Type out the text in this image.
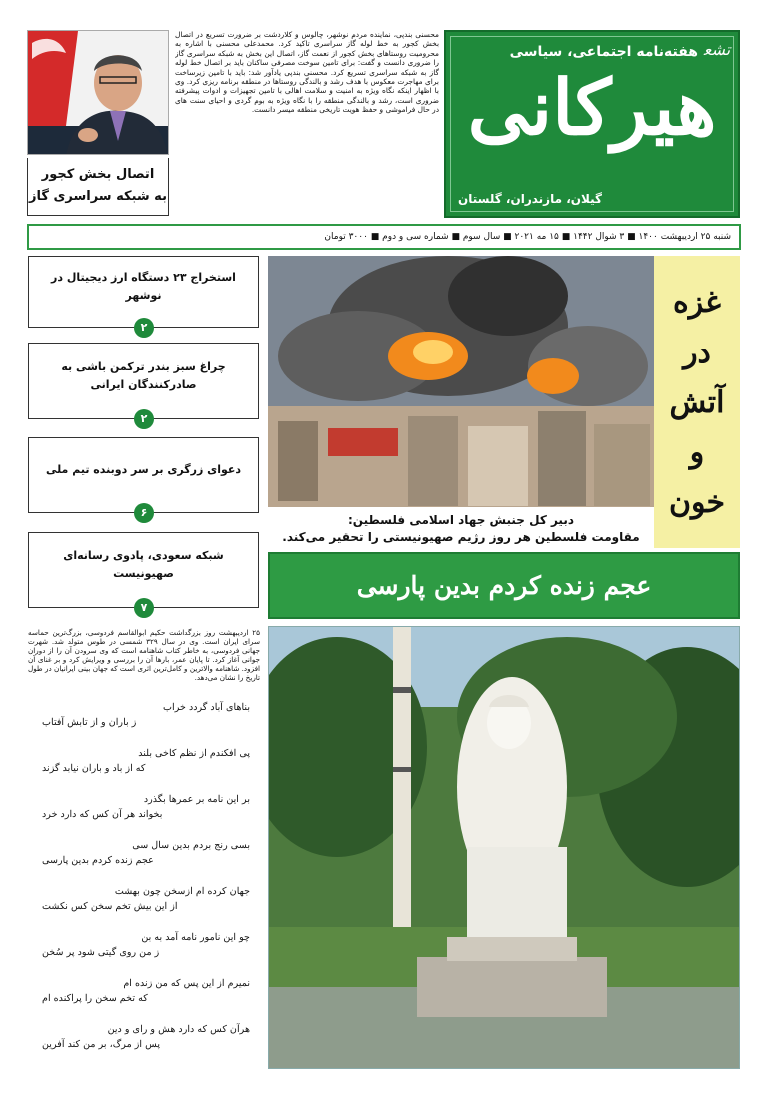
اتصال بخش کجور
به شبکه سراسری گاز
محسنی بندپی، نماینده مردم نوشهر، چالوس و کلاردشت بر ضرورت تسریع در اتصال بخش کجور به خط لوله گاز سراسری تاکید کرد. محمدعلی محسنی با اشاره به محرومیت روستاهای بخش کجور از نعمت گاز، اتصال این بخش به شبکه سراسری گاز را ضروری دانست و گفت: برای تامین سوخت مصرفی ساکنان باید بر اتصال خط لوله گاز به شبکه سراسری تسریع کرد. محسنی بندپی یادآور شد: باید با تامین زیرساخت برای مهاجرت معکوس با هدف رشد و بالندگی روستاها در منطقه برنامه ریزی کرد. وی با اظهار اینکه نگاه ویژه به امنیت و سلامت اهالی با تامین تجهیزات و ادوات پیشرفته ضروری است، رشد و بالندگی منطقه را با نگاه ویژه به بوم گردی و احیای سنت های در حال فراموشی و حفظ هویت تاریخی منطقه میسر دانست.
ﺗﺸﻌ
هفته‌نامه اجتماعی، سیاسی
هیرکانی
گیلان، مازندران، گلستان
شنبه ۲۵ اردیبهشت ۱۴۰۰ ■ ۳ شوال ۱۴۴۲ ■ ۱۵ مه ۲۰۲۱ ■ سال سوم ■ شماره سی و دوم ■ ۳۰۰۰ تومان
استخراج ۲۳ دستگاه ارز دیجیتال در نوشهر
۲
چراغ سبز بندر ترکمن باشی به صادرکنندگان ایرانی
۲
دعوای زرگری بر سر دوبنده تیم ملی
۶
شبکه سعودی، پادوی رسانه‌ای صهیونیست
۷
غزه
در
آتش
و
خون
دبیر کل جنبش جهاد اسلامی فلسطین:
مقاومت فلسطین هر روز رژیم صهیونیستی را تحقیر می‌کند.
عجم زنده کردم بدین پارسی
۲۵ اردیبهشت روز بزرگداشت حکیم ابوالقاسم فردوسی، بزرگ‌ترین حماسه سرای ایران است. وی در سال ۳۲۹ شمسی در طوس متولد شد. شهرت جهانی فردوسی، به خاطر کتاب شاهنامه است که وی سرودن آن را از دوران جوانی آغاز کرد. تا پایان عمر، بارها آن را بررسی و ویرایش کرد و بر غنای آن افزود. شاهنامه والاترین و کامل‌ترین اثری است که جهان بینی ایرانیان در طول تاریخ را نشان می‌دهد.
بناهای آباد گردد خراب
ز باران و از تابش آفتاب
پی افکندم از نظم کاخی بلند
که از باد و باران نیابد گزند
بر این نامه بر عمرها بگذرد
بخواند هر آن کس که دارد خرد
بسی رنج بردم بدین سال سی
عجم زنده کردم بدین پارسی
جهان کرده ام ازسخن چون بهشت
از این بیش تخم سخن کس نکشت
چو این نامور نامه آمد به بن
ز من روی گیتی شود پر سُخن
نمیرم از این پس که من زنده ام
که تخم سخن را پراکنده ام
هرآن کس که دارد هش و رای و دین
پس از مرگ، بر من کند آفرین
